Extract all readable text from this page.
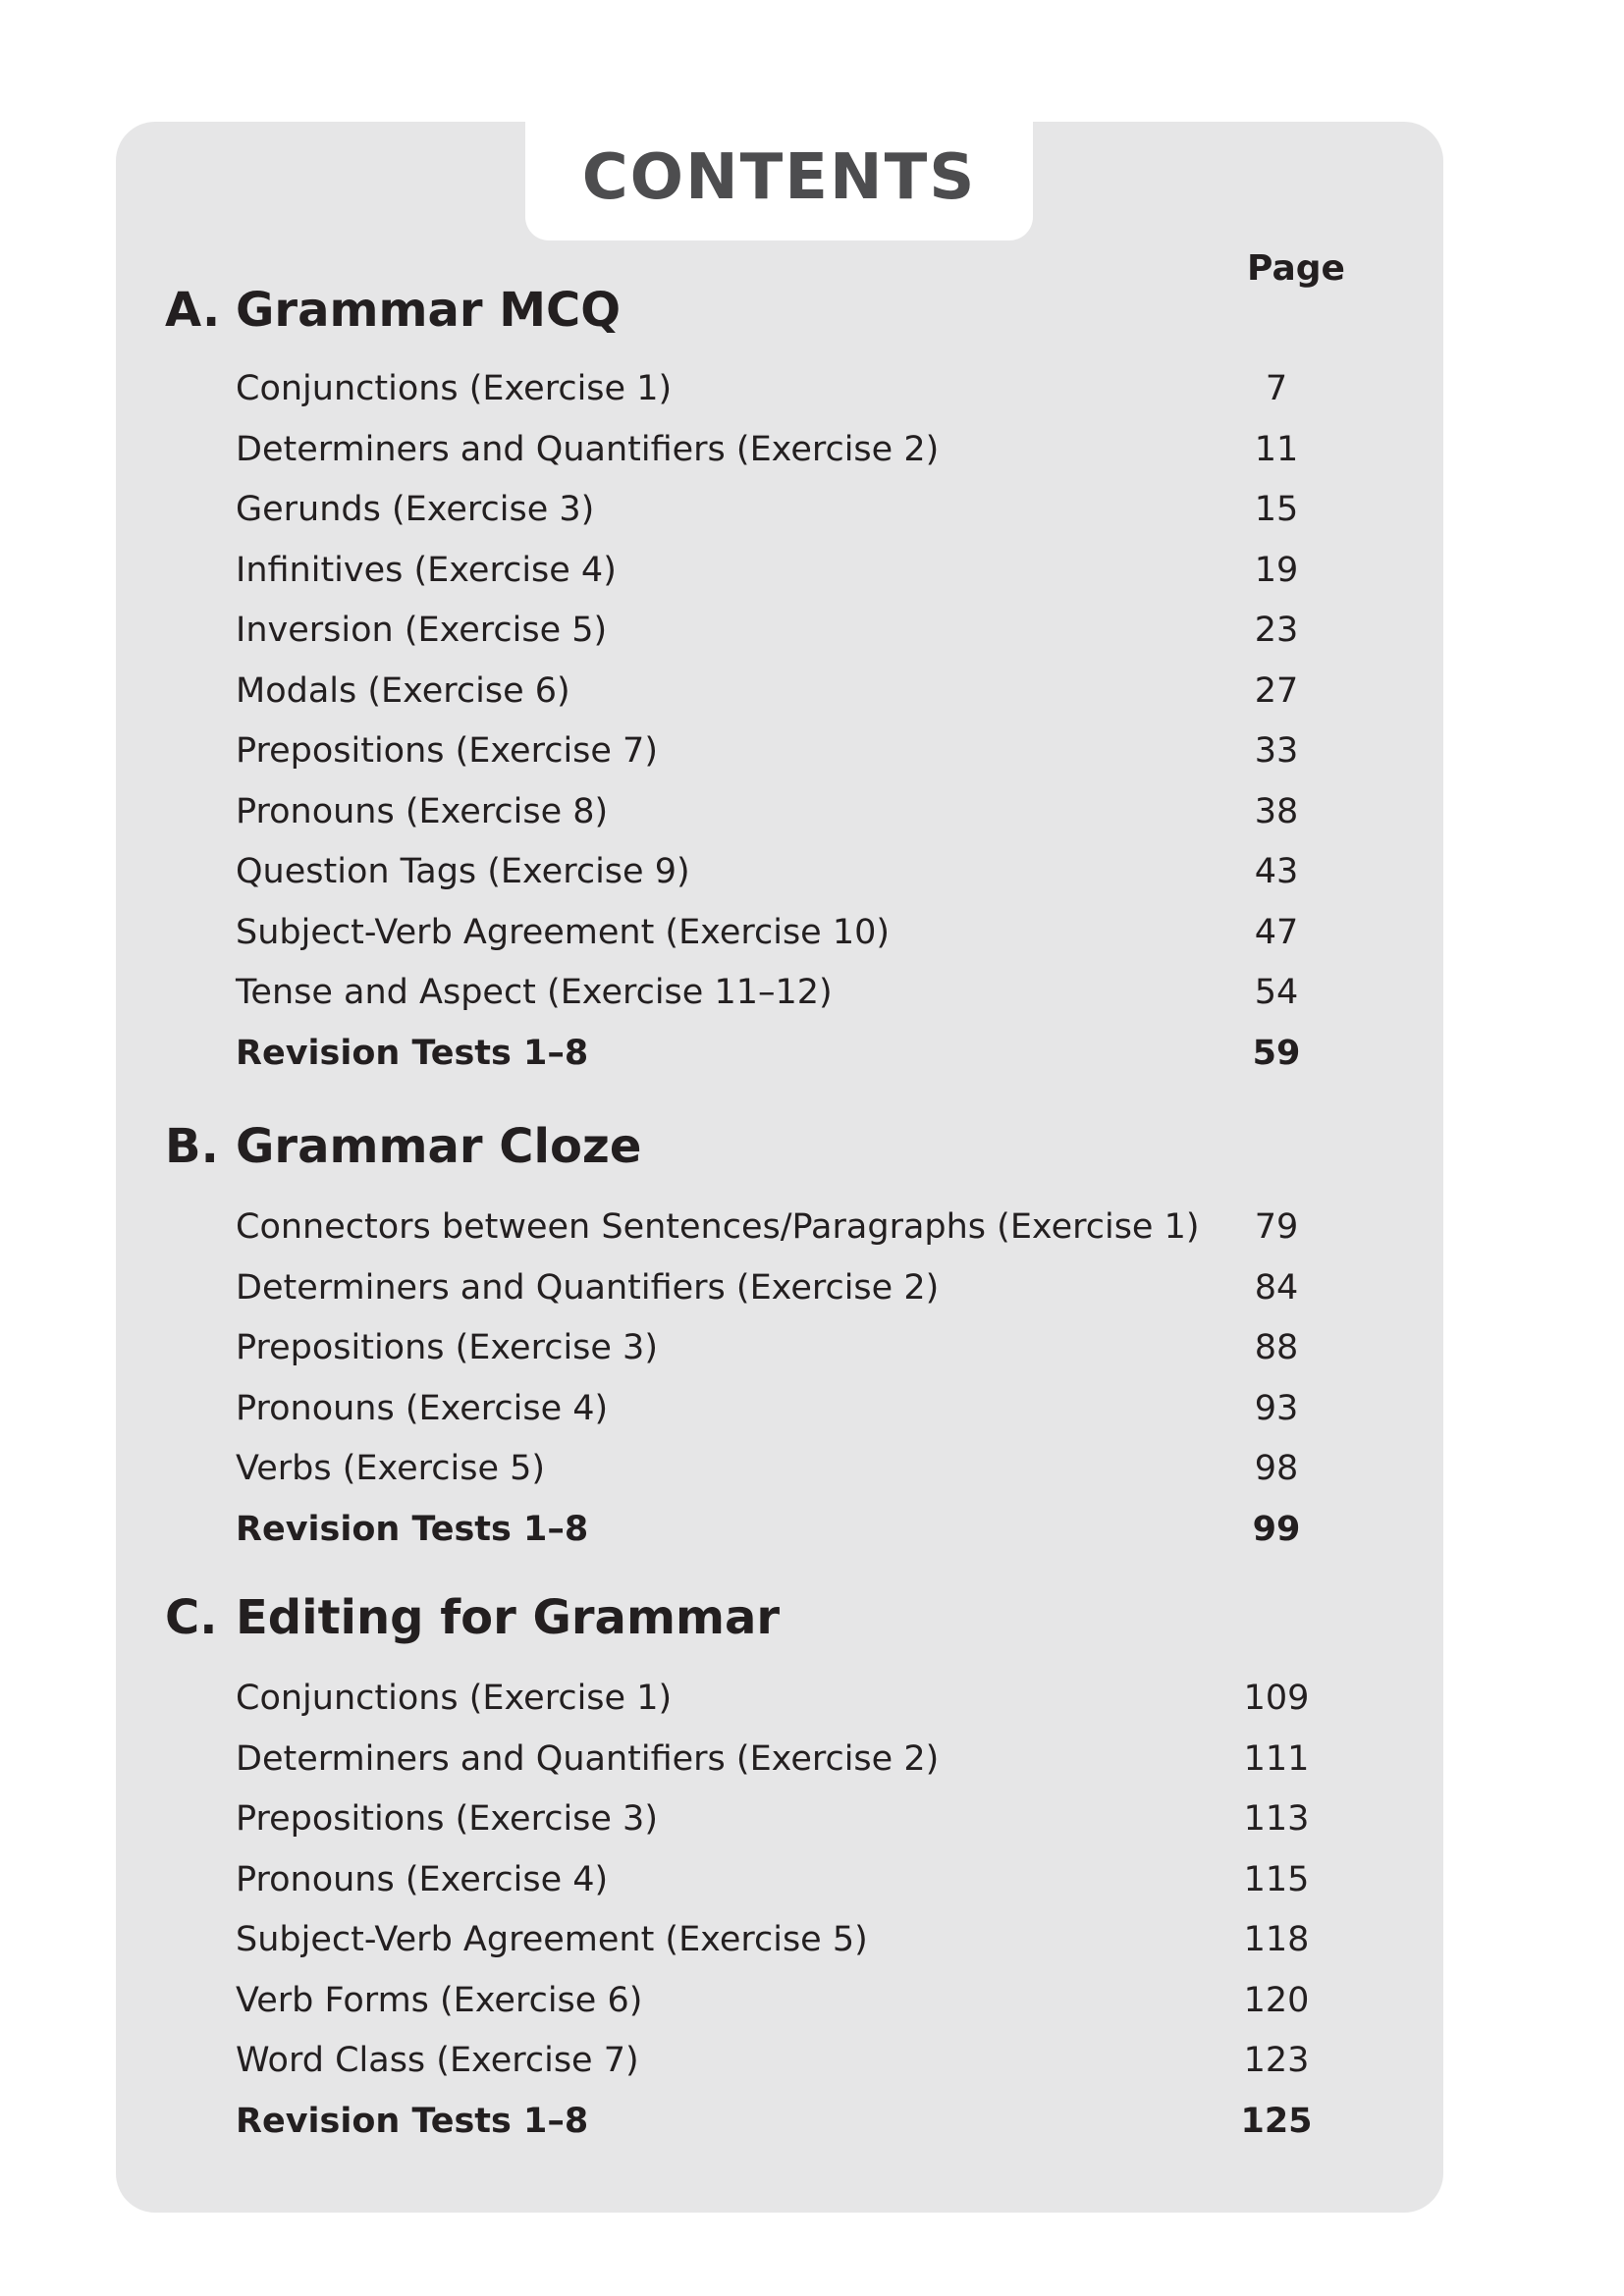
CONTENTS
Page
A. Grammar MCQ
Conjunctions (Exercise 1)	7
Determiners and Quantifiers (Exercise 2)	11
Gerunds (Exercise 3)	15
Infinitives (Exercise 4)	19
Inversion (Exercise 5)	23
Modals (Exercise 6)	27
Prepositions (Exercise 7)	33
Pronouns (Exercise 8)	38
Question Tags (Exercise 9)	43
Subject-Verb Agreement (Exercise 10)	47
Tense and Aspect (Exercise 11–12)	54
Revision Tests 1–8	59
B. Grammar Cloze
Connectors between Sentences/Paragraphs (Exercise 1)	79
Determiners and Quantifiers (Exercise 2)	84
Prepositions (Exercise 3)	88
Pronouns (Exercise 4)	93
Verbs (Exercise 5)	98
Revision Tests 1–8	99
C. Editing for Grammar
Conjunctions (Exercise 1)	109
Determiners and Quantifiers (Exercise 2)	111
Prepositions (Exercise 3)	113
Pronouns (Exercise 4)	115
Subject-Verb Agreement (Exercise 5)	118
Verb Forms (Exercise 6)	120
Word Class (Exercise 7)	123
Revision Tests 1–8	125
